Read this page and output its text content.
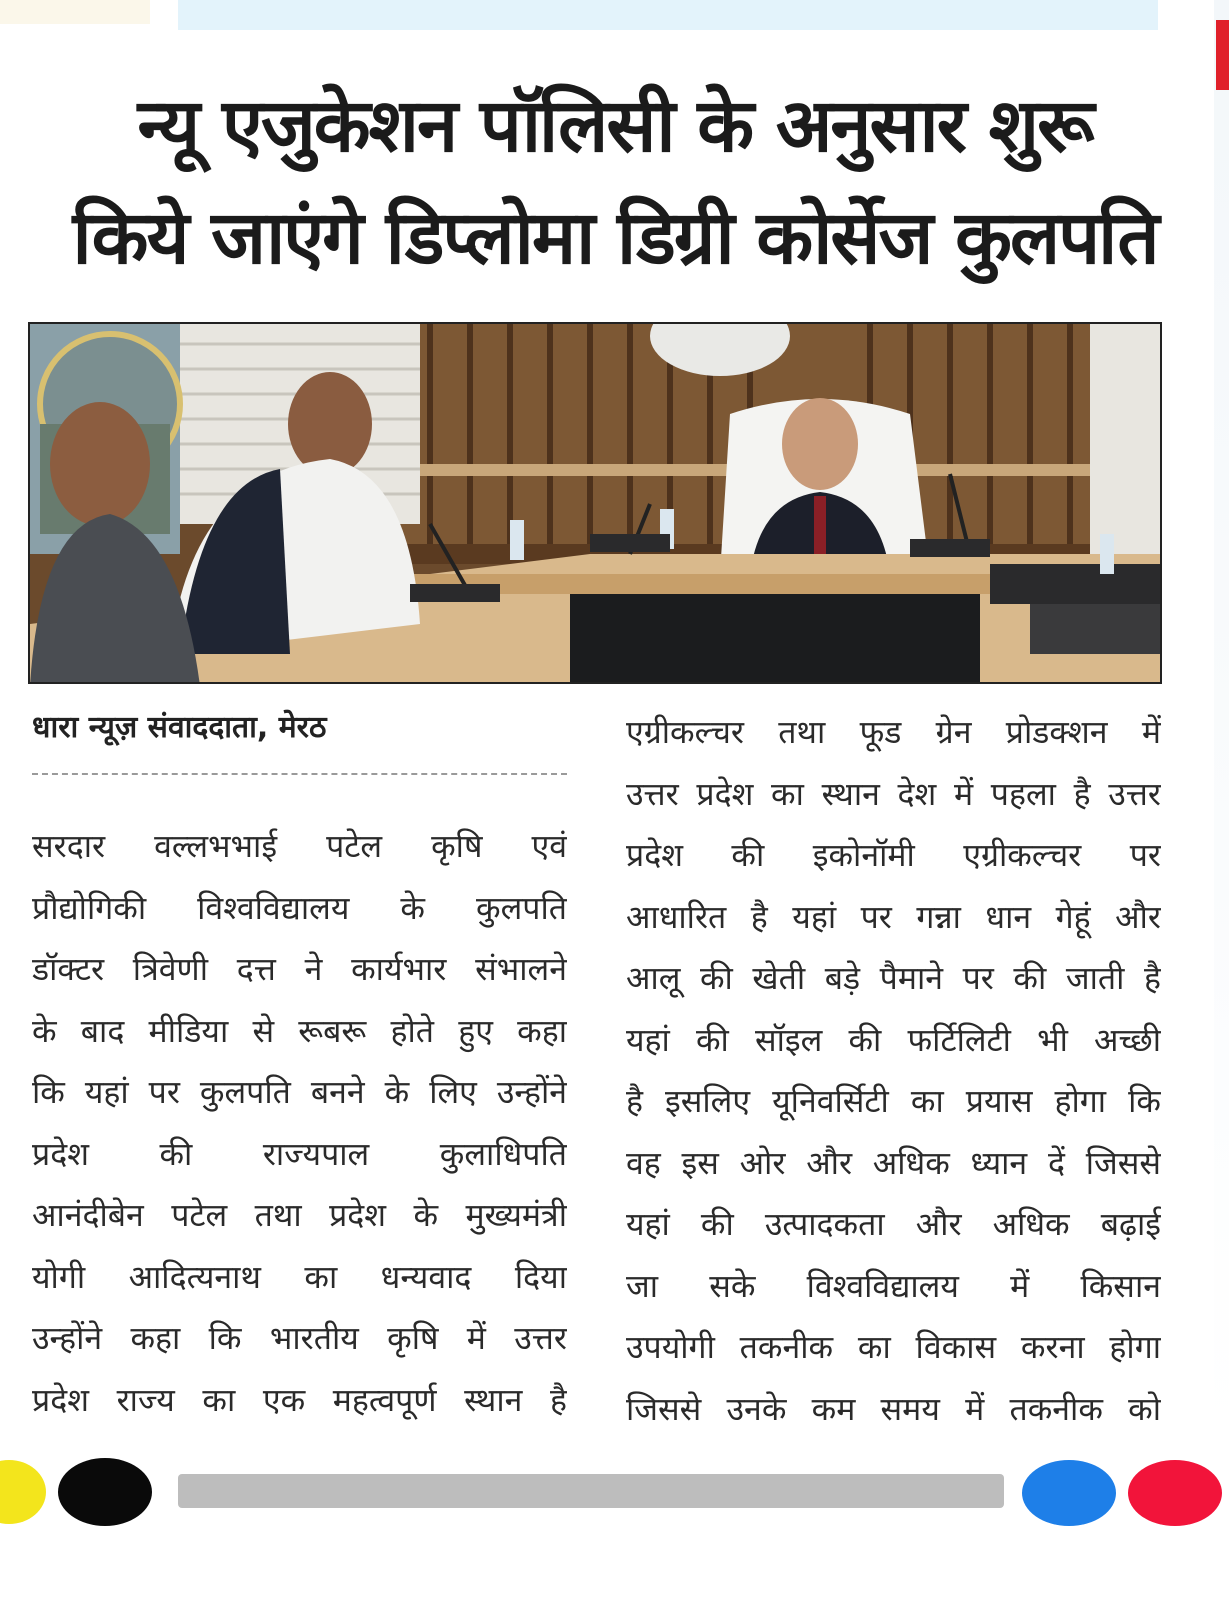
न्यू एजुकेशन पॉलिसी के अनुसार शुरू
किये जाएंगे डिप्लोमा डिग्री कोर्सेज कुलपति
धारा न्यूज़ संवाददाता, मेरठ
सरदार वल्लभभाई पटेल कृषि एवं
प्रौद्योगिकी विश्वविद्यालय के कुलपति
डॉक्टर त्रिवेणी दत्त ने कार्यभार संभालने
के बाद मीडिया से रूबरू होते हुए कहा
कि यहां पर कुलपति बनने के लिए उन्होंने
प्रदेश की राज्यपाल कुलाधिपति
आनंदीबेन पटेल तथा प्रदेश के मुख्यमंत्री
योगी आदित्यनाथ का धन्यवाद दिया
उन्होंने कहा कि भारतीय कृषि में उत्तर
प्रदेश राज्य का एक महत्वपूर्ण स्थान है
एग्रीकल्चर तथा फूड ग्रेन प्रोडक्शन में
उत्तर प्रदेश का स्थान देश में पहला है उत्तर
प्रदेश की इकोनॉमी एग्रीकल्चर पर
आधारित है यहां पर गन्ना धान गेहूं और
आलू की खेती बड़े पैमाने पर की जाती है
यहां की सॉइल की फर्टिलिटी भी अच्छी
है इसलिए यूनिवर्सिटी का प्रयास होगा कि
वह इस ओर और अधिक ध्यान दें जिससे
यहां की उत्पादकता और अधिक बढ़ाई
जा सके विश्वविद्यालय में किसान
उपयोगी तकनीक का विकास करना होगा
जिससे उनके कम समय में तकनीक को
